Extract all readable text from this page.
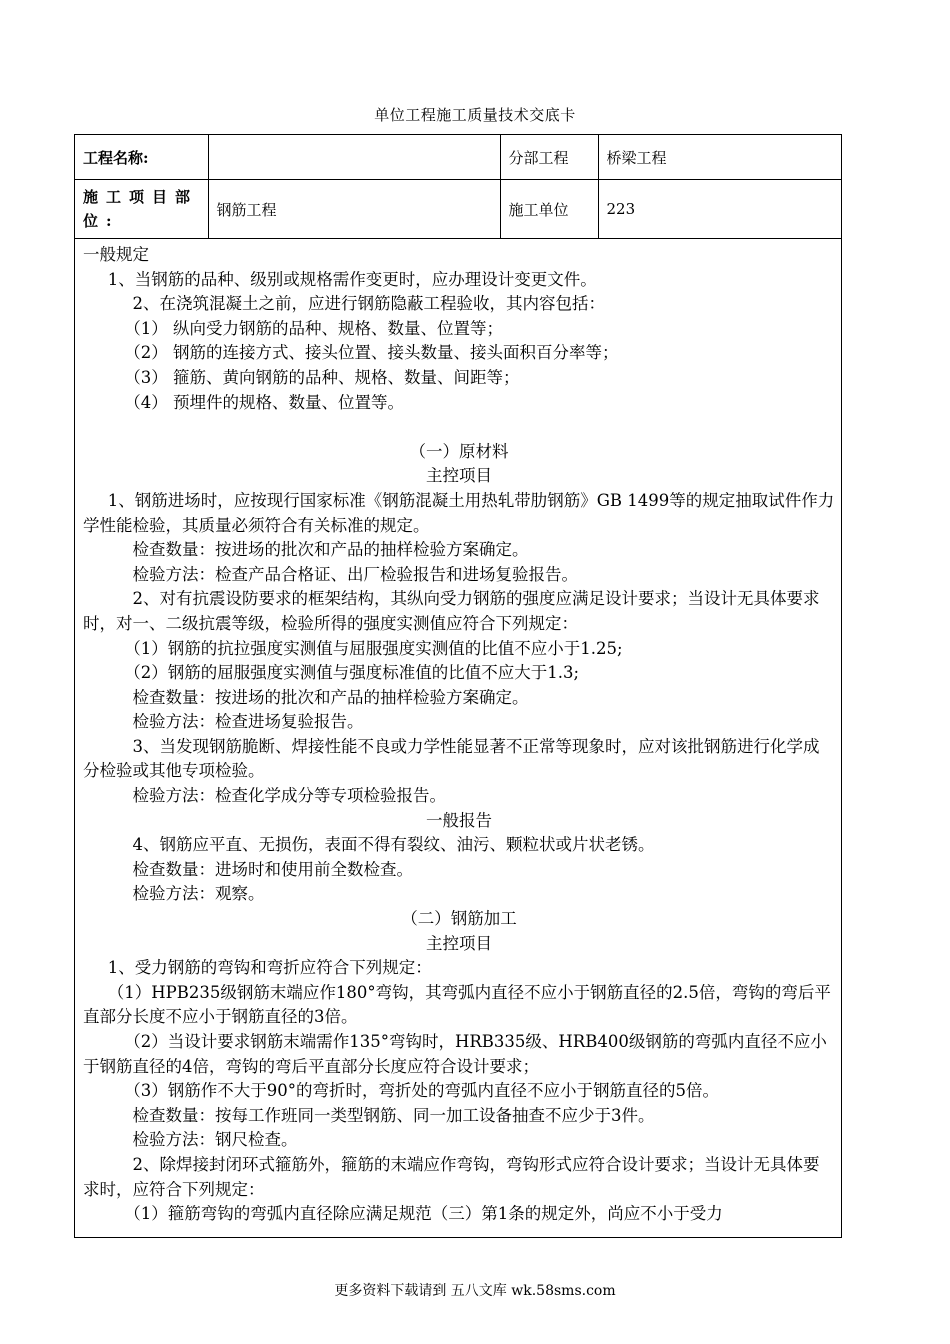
单位工程施工质量技术交底卡
工程名称:		分部工程	桥梁工程
施工项目部位:	钢筋工程	施工单位	223

一般规定

1、当钢筋的品种、级别或规格需作变更时，应办理设计变更文件。

2、在浇筑混凝土之前，应进行钢筋隐蔽工程验收，其内容包括：

（1） 纵向受力钢筋的品种、规格、数量、位置等；

（2） 钢筋的连接方式、接头位置、接头数量、接头面积百分率等；

（3） 箍筋、黄向钢筋的品种、规格、数量、间距等；

（4） 预埋件的规格、数量、位置等。

（一）原材料

主控项目

1、钢筋进场时，应按现行国家标准《钢筋混凝土用热轧带肋钢筋》GB 1499等的规定抽取试件作力学性能检验，其质量必须符合有关标准的规定。

检查数量：按进场的批次和产品的抽样检验方案确定。

检验方法：检查产品合格证、出厂检验报告和进场复验报告。

2、对有抗震设防要求的框架结构，其纵向受力钢筋的强度应满足设计要求；当设计无具体要求时，对一、二级抗震等级，检验所得的强度实测值应符合下列规定：

（1）钢筋的抗拉强度实测值与屈服强度实测值的比值不应小于1.25;

（2）钢筋的屈服强度实测值与强度标准值的比值不应大于1.3;

检查数量：按进场的批次和产品的抽样检验方案确定。

检验方法：检查进场复验报告。

3、当发现钢筋脆断、焊接性能不良或力学性能显著不正常等现象时，应对该批钢筋进行化学成分检验或其他专项检验。

检验方法：检查化学成分等专项检验报告。

一般报告

4、钢筋应平直、无损伤，表面不得有裂纹、油污、颗粒状或片状老锈。

检查数量：进场时和使用前全数检查。

检验方法：观察。

（二）钢筋加工

主控项目

1、受力钢筋的弯钩和弯折应符合下列规定：

（1）HPB235级钢筋末端应作180°弯钩，其弯弧内直径不应小于钢筋直径的2.5倍，弯钩的弯后平直部分长度不应小于钢筋直径的3倍。

（2）当设计要求钢筋末端需作135°弯钩时，HRB335级、HRB400级钢筋的弯弧内直径不应小于钢筋直径的4倍，弯钩的弯后平直部分长度应符合设计要求；

（3）钢筋作不大于90°的弯折时，弯折处的弯弧内直径不应小于钢筋直径的5倍。

检查数量：按每工作班同一类型钢筋、同一加工设备抽查不应少于3件。

检验方法：钢尺检查。

2、除焊接封闭环式箍筋外，箍筋的末端应作弯钩，弯钩形式应符合设计要求；当设计无具体要求时，应符合下列规定：

（1）箍筋弯钩的弯弧内直径除应满足规范（三）第1条的规定外，尚应不小于受力

更多资料下载请到 五八文库 wk.58sms.com
